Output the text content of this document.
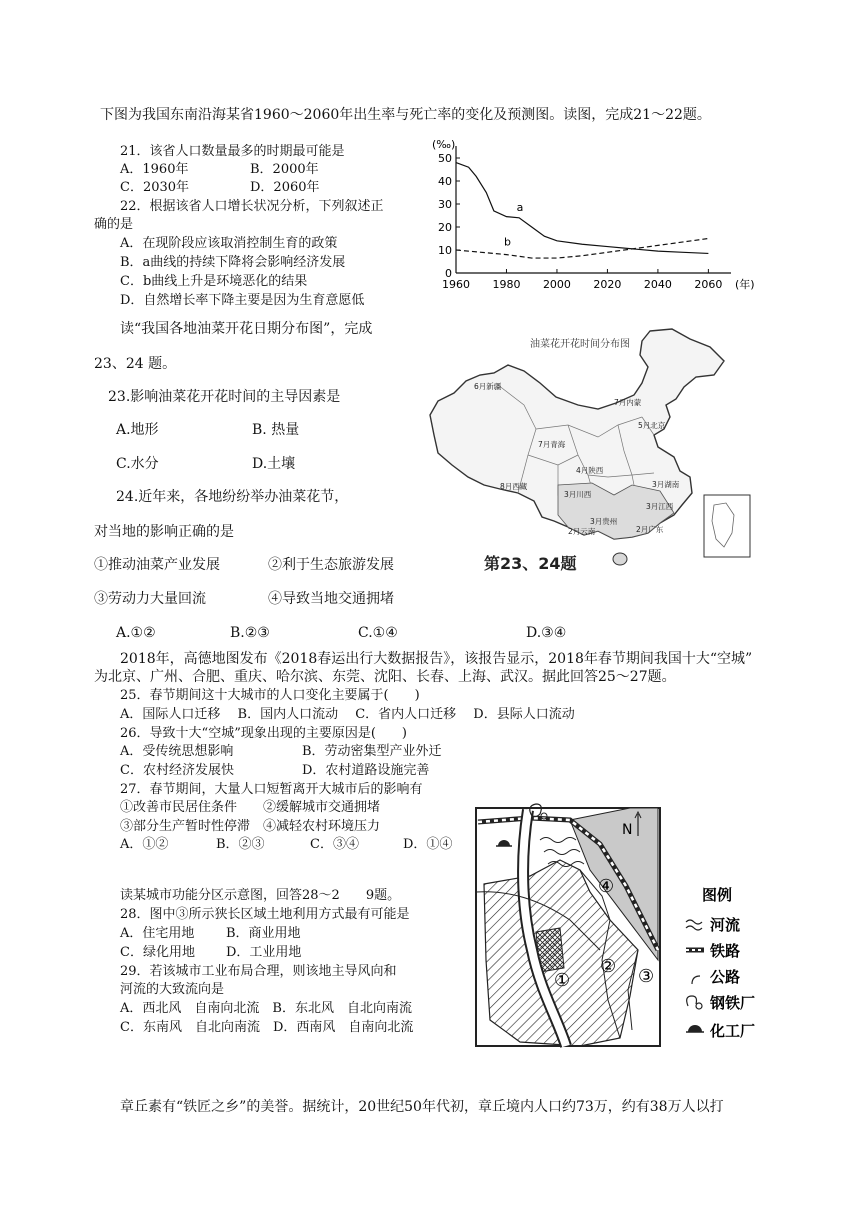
下图为我国东南沿海某省1960～2060年出生率与死亡率的变化及预测图。读图，完成21～22题。
21．该省人口数量最多的时期最可能是
A．1960年	B．2000年
C．2030年	D．2060年
22．根据该省人口增长状况分析，下列叙述正
确的是
A．在现阶段应该取消控制生育的政策
B．a曲线的持续下降将会影响经济发展
C．b曲线上升是环境恶化的结果
D．自然增长率下降主要是因为生育意愿低
0
10
20
30
40
50
1960 1980 2000 2020 2040 2060
(‰)
(年)
a
b
读“我国各地油菜开花日期分布图”，完成
23、24 题。
23.影响油菜花开花时间的主导因素是
A.地形	B. 热量
C.水分	D.土壤
24.近年来，各地纷纷举办油菜花节，
对当地的影响正确的是
①推动油菜产业发展	②利于生态旅游发展
③劳动力大量回流	④导致当地交通拥堵
A.①②	B.②③	C.①④	D.③④
油菜花开花时间分布图
6月新疆
7月内蒙
5月北京
7月青海
4月陕西
8月西藏	3月湖南
3月川西
3月江西
3月贵州
2月云南	2月广东
第23、24题
2018年，高德地图发布《2018春运出行大数据报告》，该报告显示，2018年春节期间我国十大“空城”
为北京、广州、合肥、重庆、哈尔滨、东莞、沈阳、长春、上海、武汉。据此回答25～27题。
25．春节期间这十大城市的人口变化主要属于(　　)
A．国际人口迁移　 B．国内人口流动　 C．省内人口迁移　 D．县际人口流动
26．导致十大“空城”现象出现的主要原因是(　　)
A．受传统思想影响	B．劳动密集型产业外迁
C．农村经济发展快	D．农村道路设施完善
27．春节期间，大量人口短暂离开大城市后的影响有
①改善市民居住条件　　②缓解城市交通拥堵
③部分生产暂时性停滞　④减轻农村环境压力
A．①②	B．②③	C．③④	D．①④
读某城市功能分区示意图，回答28～2　　9题。
28．图中③所示狭长区域土地利用方式最有可能是
A．住宅用地 B．商业用地
C．绿化用地 D．工业用地
29．若该城市工业布局合理，则该地主导风向和
河流的大致流向是
A．西北风　自南向北流　B．东北风　自北向南流
C．东南风　自北向南流　D．西南风　自南向北流
N
④
② ③
①
图例
河流
铁路
公路
钢铁厂
化工厂
章丘素有“铁匠之乡”的美誉。据统计，20世纪50年代初，章丘境内人口约73万，约有38万人以打
